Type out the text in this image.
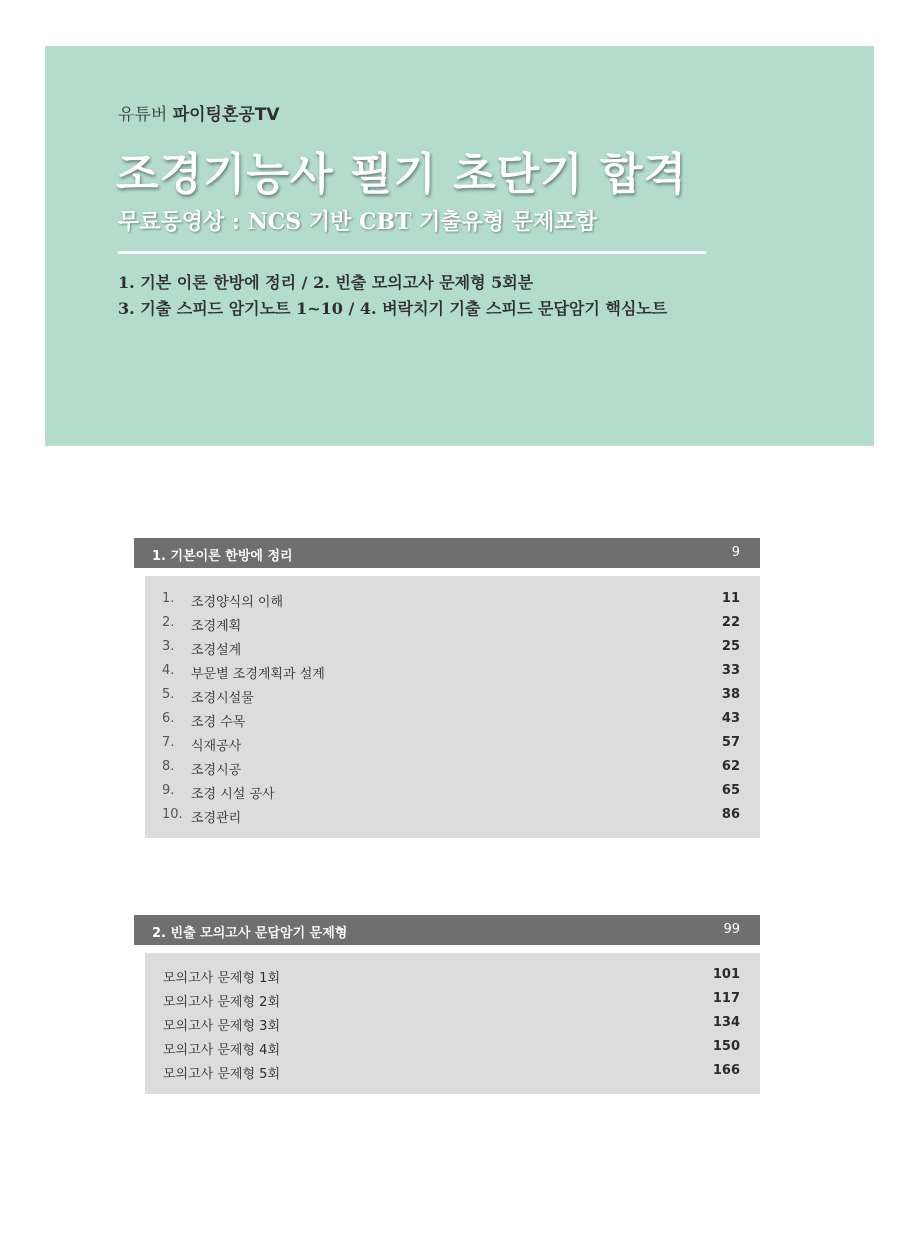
유튜버 파이팅혼공TV
조경기능사 필기 초단기 합격
무료동영상 : NCS 기반 CBT 기출유형 문제포함
1. 기본 이론 한방에 정리 / 2. 빈출 모의고사 문제형 5회분
3. 기출 스피드 암기노트 1~10 / 4. 벼락치기 기출 스피드 문답암기 핵심노트
1. 기본이론 한방에 정리	9
1. 조경양식의 이해	11
2. 조경계획	22
3. 조경설계	25
4. 부문별 조경계획과 설계	33
5. 조경시설물	38
6. 조경 수목	43
7. 식재공사	57
8. 조경시공	62
9. 조경 시설 공사	65
10. 조경관리	86
2. 빈출 모의고사 문답암기 문제형	99
모의고사 문제형 1회	101
모의고사 문제형 2회	117
모의고사 문제형 3회	134
모의고사 문제형 4회	150
모의고사 문제형 5회	166
